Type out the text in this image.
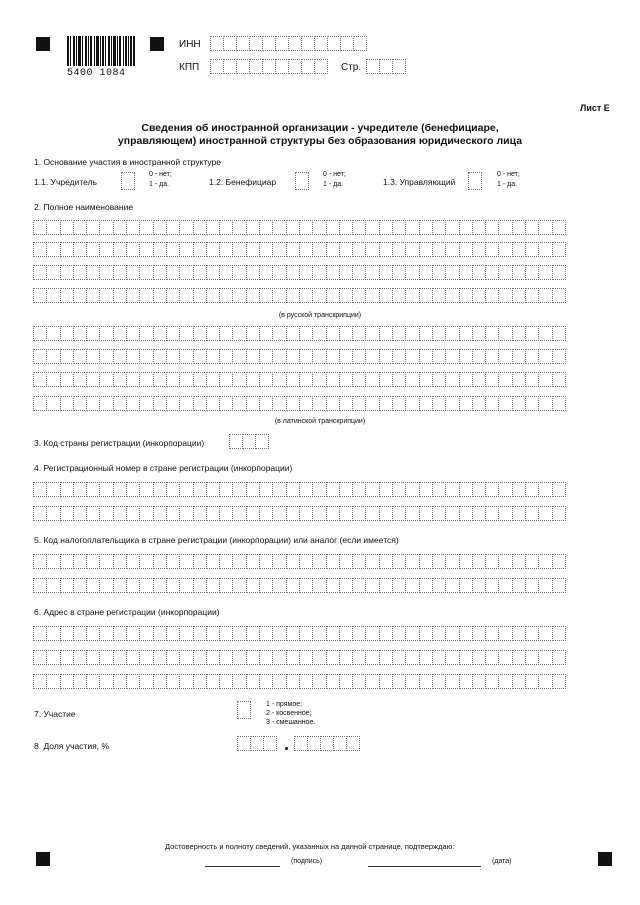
5400 1084
ИНН
КПП	Стр.
Лист Е
Сведения об иностранной организации - учредителе (бенефициаре,
управляющем) иностранной структуры без образования юридического лица
1. Основание участия в иностранной структуре
1.1. Учредитель
0 - нет;
1 - да.	1.2. Бенефициар
0 - нет;
1 - да.	1.3. Управляющий
0 - нет;
1 - да.
2. Полное наименование
(в русской транскрипции)
(в латинской транскрипции)
3. Код страны регистрации (инкорпорации)
4. Регистрационный номер в стране регистрации (инкорпорации)
5. Код налогоплательщика в стране регистрации (инкорпорации) или аналог (если имеется)
6. Адрес в стране регистрации (инкорпорации)
7. Участие
1 - прямое;
2 - косвенное;
3 - смешанное.
8. Доля участия, %
Достоверность и полноту сведений, указанных на данной странице, подтверждаю:
(подпись)	(дата)
